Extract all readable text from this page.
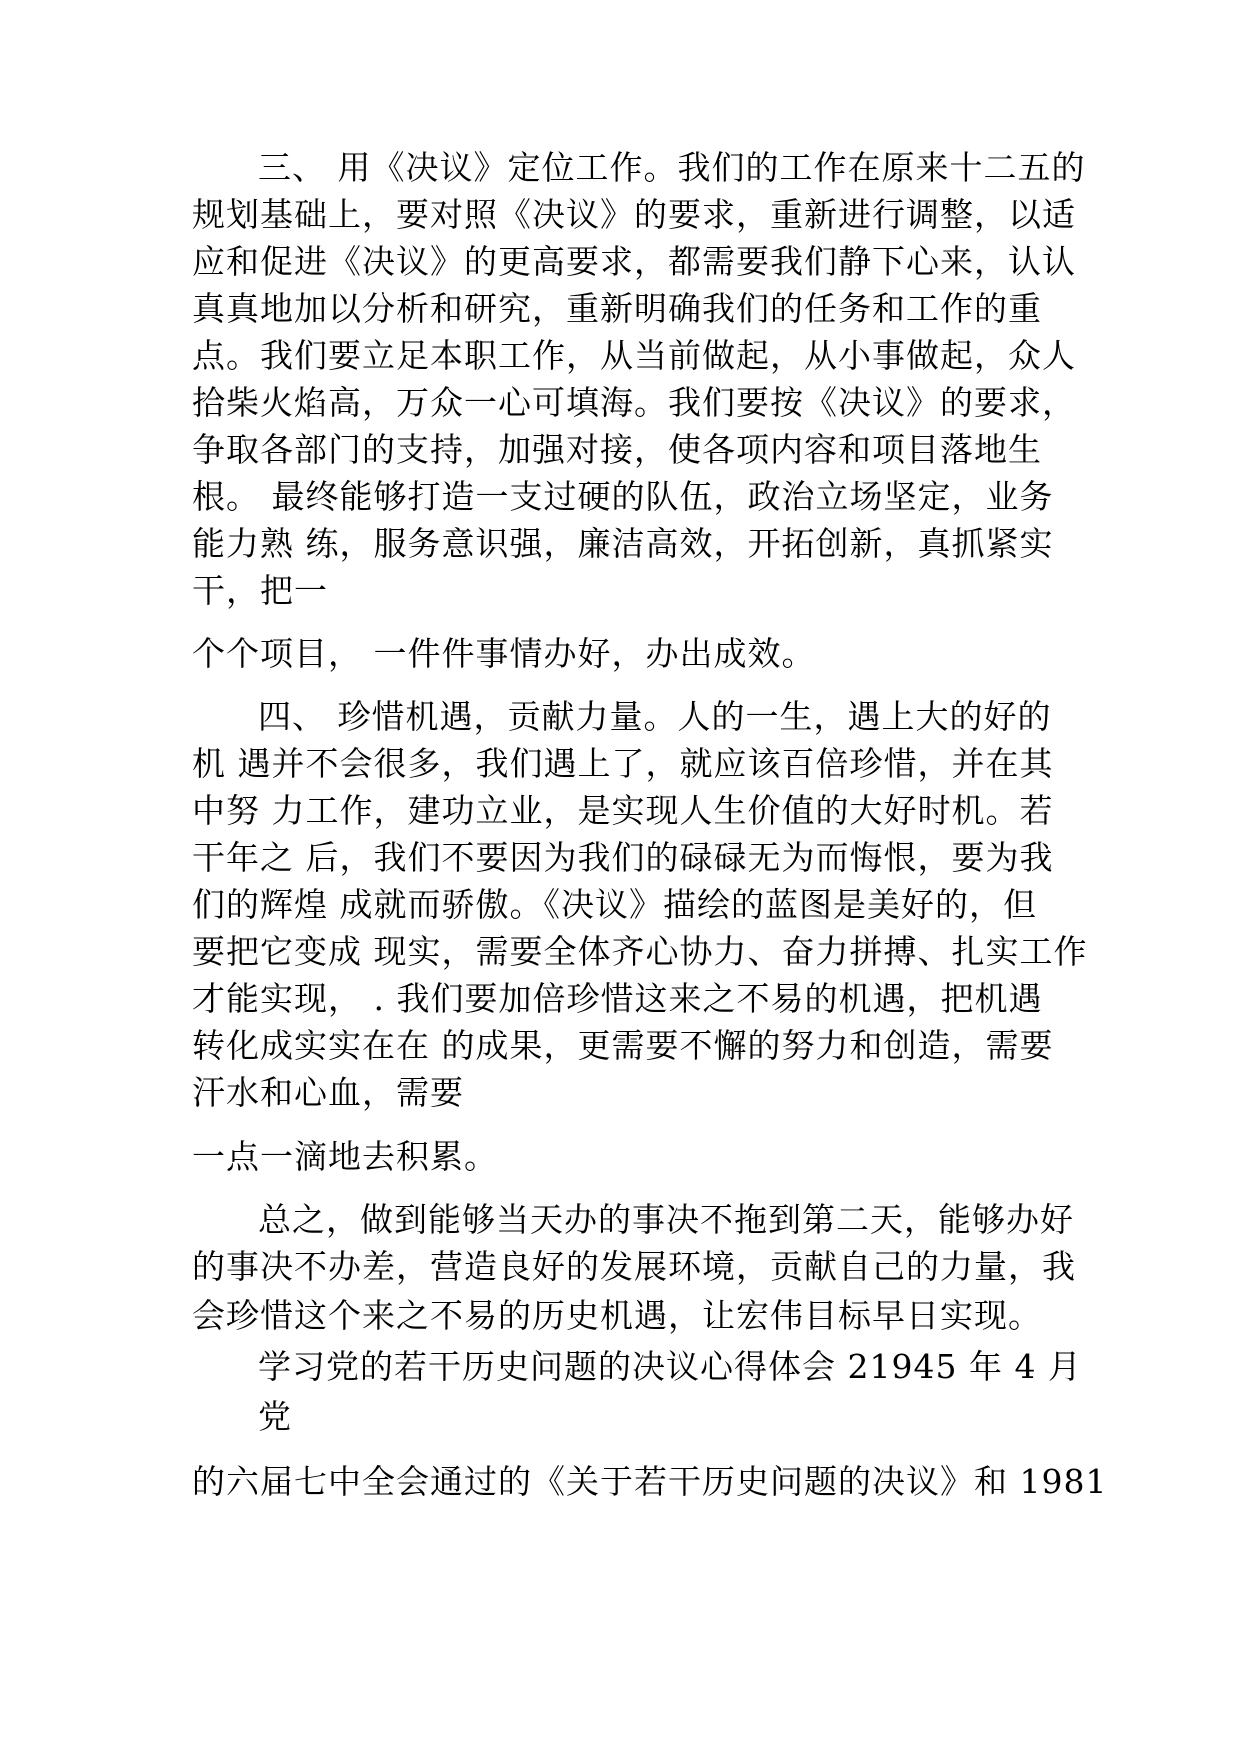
三、 用《决议》定位工作。我们的工作在原来十二五的
规划基础上，要对照《决议》的要求，重新进行调整，以适
应和促进《决议》的更高要求，都需要我们静下心来，认认
真真地加以分析和研究，重新明确我们的任务和工作的重
点。我们要立足本职工作，从当前做起，从小事做起，众人
拾柴火焰高，万众一心可填海。我们要按《决议》的要求，
争取各部门的支持，加强对接，使各项内容和项目落地生
根。 最终能够打造一支过硬的队伍，政治立场坚定，业务
能力熟 练，服务意识强，廉洁高效，开拓创新，真抓紧实
干，把一
个个项目， 一件件事情办好，办出成效。
四、 珍惜机遇，贡献力量。人的一生，遇上大的好的
机 遇并不会很多，我们遇上了，就应该百倍珍惜，并在其
中努 力工作，建功立业，是实现人生价值的大好时机。若
干年之 后，我们不要因为我们的碌碌无为而悔恨，要为我
们的辉煌 成就而骄傲。《决议》描绘的蓝图是美好的，但
要把它变成 现实，需要全体齐心协力、奋力拼搏、扎实工作
才能实现， . 我们要加倍珍惜这来之不易的机遇，把机遇
转化成实实在在 的成果，更需要不懈的努力和创造，需要
汗水和心血，需要
一点一滴地去积累。
总之，做到能够当天办的事决不拖到第二天，能够办好
的事决不办差，营造良好的发展环境，贡献自己的力量，我
会珍惜这个来之不易的历史机遇，让宏伟目标早日实现。
学习党的若干历史问题的决议心得体会 21945 年 4 月
党
的六届七中全会通过的《关于若干历史问题的决议》和 1981
